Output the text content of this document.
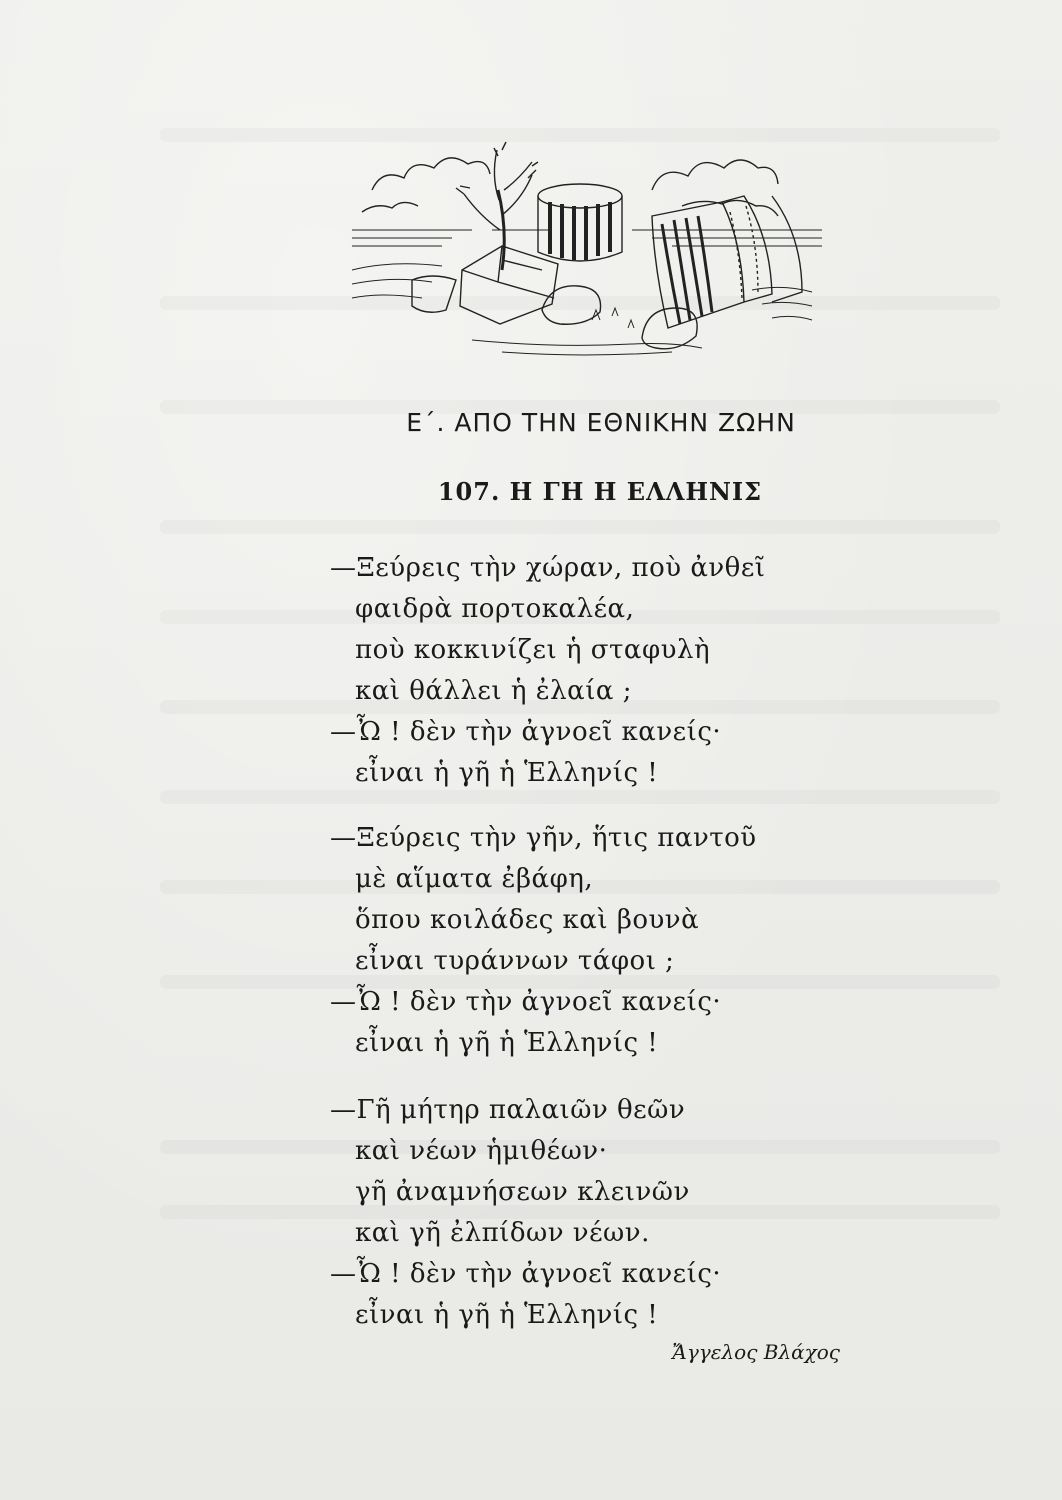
Ε΄. ΑΠΟ ΤΗΝ ΕΘΝΙΚΗΝ ΖΩΗΝ
107. Η ΓΗ Η ΕΛΛΗΝΙΣ
—Ξεύρεις τὴν χώραν, ποὺ ἀνθεῖ
φαιδρὰ πορτοκαλέα,
ποὺ κοκκινίζει ἡ σταφυλὴ
καὶ θάλλει ἡ ἐλαία ;
—Ὦ ! δὲν τὴν ἀγνοεῖ κανείς·
εἶναι ἡ γῆ ἡ Ἑλληνίς !
—Ξεύρεις τὴν γῆν, ἥτις παντοῦ
μὲ αἵματα ἐβάφη,
ὅπου κοιλάδες καὶ βουνὰ
εἶναι τυράννων τάφοι ;
—Ὦ ! δὲν τὴν ἀγνοεῖ κανείς·
εἶναι ἡ γῆ ἡ Ἑλληνίς !
—Γῆ μήτηρ παλαιῶν θεῶν
καὶ νέων ἡμιθέων·
γῆ ἀναμνήσεων κλεινῶν
καὶ γῆ ἐλπίδων νέων.
—Ὦ ! δὲν τὴν ἀγνοεῖ κανείς·
εἶναι ἡ γῆ ἡ Ἑλληνίς !
Ἄγγελος Βλάχος
